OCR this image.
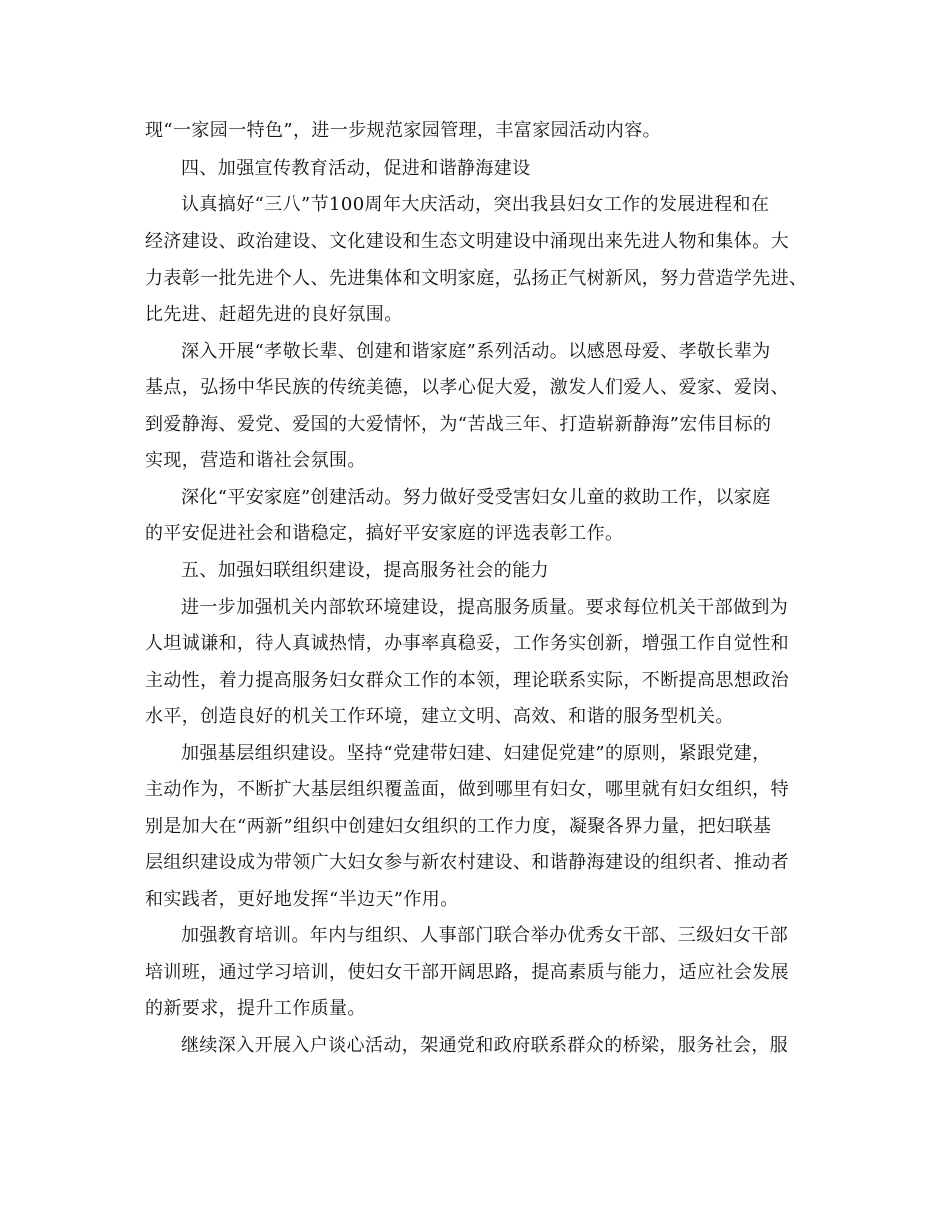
现“一家园一特色”，进一步规范家园管理，丰富家园活动内容。
四、加强宣传教育活动，促进和谐静海建设
认真搞好“三八”节100周年大庆活动，突出我县妇女工作的发展进程和在
经济建设、政治建设、文化建设和生态文明建设中涌现出来先进人物和集体。大
力表彰一批先进个人、先进集体和文明家庭，弘扬正气树新风，努力营造学先进、
比先进、赶超先进的良好氛围。
深入开展“孝敬长辈、创建和谐家庭”系列活动。以感恩母爱、孝敬长辈为
基点，弘扬中华民族的传统美德，以孝心促大爱，激发人们爱人、爱家、爱岗、
到爱静海、爱党、爱国的大爱情怀，为“苦战三年、打造崭新静海”宏伟目标的
实现，营造和谐社会氛围。
深化“平安家庭”创建活动。努力做好受受害妇女儿童的救助工作，以家庭
的平安促进社会和谐稳定，搞好平安家庭的评选表彰工作。
五、加强妇联组织建设，提高服务社会的能力
进一步加强机关内部软环境建设，提高服务质量。要求每位机关干部做到为
人坦诚谦和，待人真诚热情，办事率真稳妥，工作务实创新，增强工作自觉性和
主动性，着力提高服务妇女群众工作的本领，理论联系实际，不断提高思想政治
水平，创造良好的机关工作环境，建立文明、高效、和谐的服务型机关。
加强基层组织建设。坚持“党建带妇建、妇建促党建”的原则，紧跟党建，
主动作为，不断扩大基层组织覆盖面，做到哪里有妇女，哪里就有妇女组织，特
别是加大在“两新”组织中创建妇女组织的工作力度，凝聚各界力量，把妇联基
层组织建设成为带领广大妇女参与新农村建设、和谐静海建设的组织者、推动者
和实践者，更好地发挥“半边天”作用。
加强教育培训。年内与组织、人事部门联合举办优秀女干部、三级妇女干部
培训班，通过学习培训，使妇女干部开阔思路，提高素质与能力，适应社会发展
的新要求，提升工作质量。
继续深入开展入户谈心活动，架通党和政府联系群众的桥梁，服务社会，服
